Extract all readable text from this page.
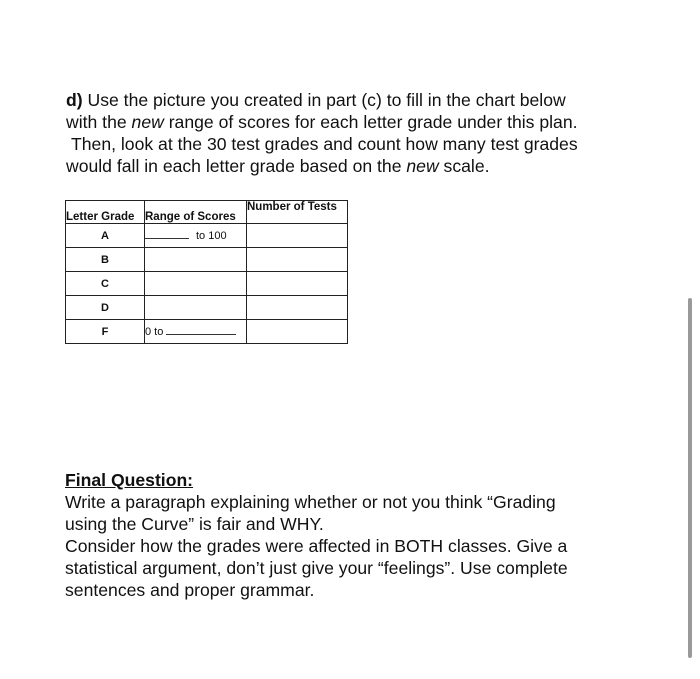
d) Use the picture you created in part (c) to fill in the chart below
with the new range of scores for each letter grade under this plan.
Then, look at the 30 test grades and count how many test grades
would fall in each letter grade based on the new scale.
Letter Grade	Range of Scores	Number of Tests
A	to 100	
B		
C		
D		
F	0 to	
Final Question:
Write a paragraph explaining whether or not you think “Grading
using the Curve” is fair and WHY.
Consider how the grades were affected in BOTH classes. Give a
statistical argument, don’t just give your “feelings”. Use complete
sentences and proper grammar.
